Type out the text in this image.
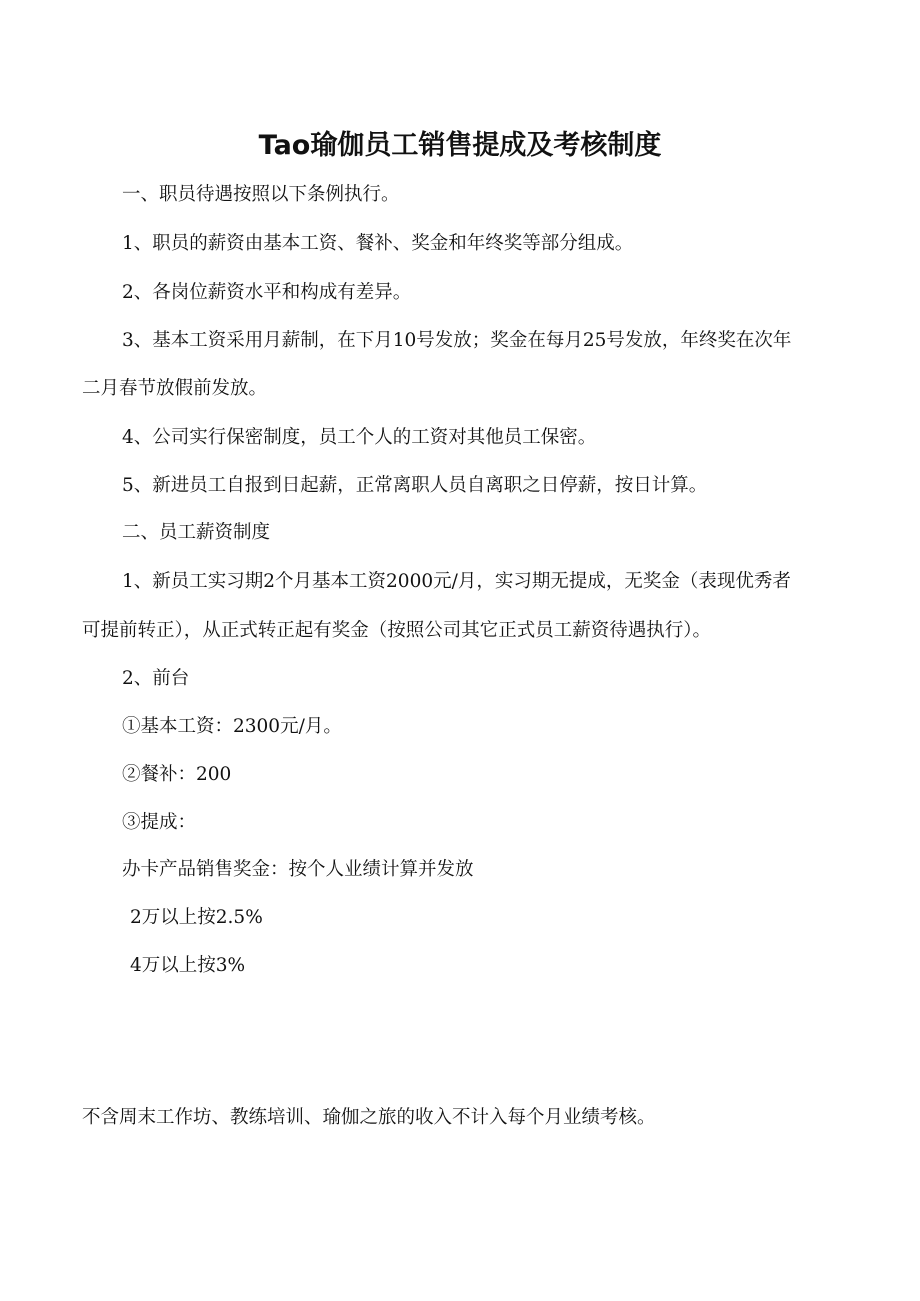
Tao瑜伽员工销售提成及考核制度
一、职员待遇按照以下条例执行。
1、职员的薪资由基本工资、餐补、奖金和年终奖等部分组成。
2、各岗位薪资水平和构成有差异。
3、基本工资采用月薪制，在下月10号发放；奖金在每月25号发放，年终奖在次年
二月春节放假前发放。
4、公司实行保密制度，员工个人的工资对其他员工保密。
5、新进员工自报到日起薪，正常离职人员自离职之日停薪，按日计算。
二、员工薪资制度
1、新员工实习期2个月基本工资2000元/月，实习期无提成，无奖金（表现优秀者
可提前转正），从正式转正起有奖金（按照公司其它正式员工薪资待遇执行）。
2、前台
①基本工资：2300元/月。
②餐补：200
③提成：
办卡产品销售奖金：按个人业绩计算并发放
2万以上按2.5%
4万以上按3%
不含周末工作坊、教练培训、瑜伽之旅的收入不计入每个月业绩考核。
